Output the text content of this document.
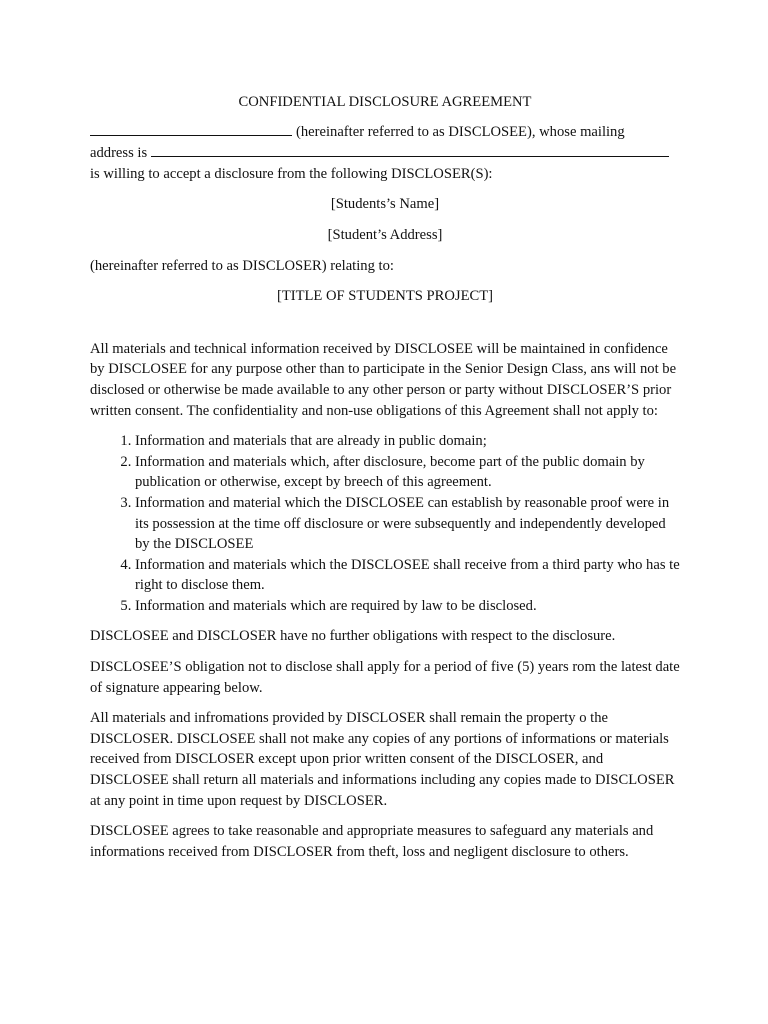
CONFIDENTIAL DISCLOSURE AGREEMENT

(hereinafter referred to as DISCLOSEE), whose mailing

address is

is willing to accept a disclosure from the following DISCLOSER(S):

[Students’s Name]

[Student’s Address]

(hereinafter referred to as DISCLOSER) relating to:

[TITLE OF STUDENTS PROJECT]

All materials and technical information received by DISCLOSEE will be maintained in confidence by DISCLOSEE for any purpose other than to participate in the Senior Design Class, ans will not be disclosed or otherwise be made available to any other person or party without DISCLOSER’S prior written consent. The confidentiality and non-use obligations of this Agreement shall not apply to:

1. Information and materials that are already in public domain;
2. Information and materials which, after disclosure, become part of the public domain by publication or otherwise, except by breech of this agreement.
3. Information and material which the DISCLOSEE can establish by reasonable proof were in its possession at the time off disclosure or were subsequently and independently developed by the DISCLOSEE
4. Information and materials which the DISCLOSEE shall receive from a third party who has te right to disclose them.
5. Information and materials which are required by law to be disclosed.

DISCLOSEE and DISCLOSER have no further obligations with respect to the disclosure.

DISCLOSEE’S obligation not to disclose shall apply for a period of five (5) years rom the latest date of signature appearing below.

All materials and infromations provided by DISCLOSER shall remain the property o the DISCLOSER. DISCLOSEE shall not make any copies of any portions of informations or materials received from DISCLOSER except upon prior written consent of the DISCLOSER, and DISCLOSEE shall return all materials and informations including any copies made to DISCLOSER at any point in time upon request by DISCLOSER.

DISCLOSEE agrees to take reasonable and appropriate measures to safeguard any materials and informations received from DISCLOSER from theft, loss and negligent disclosure to others.
